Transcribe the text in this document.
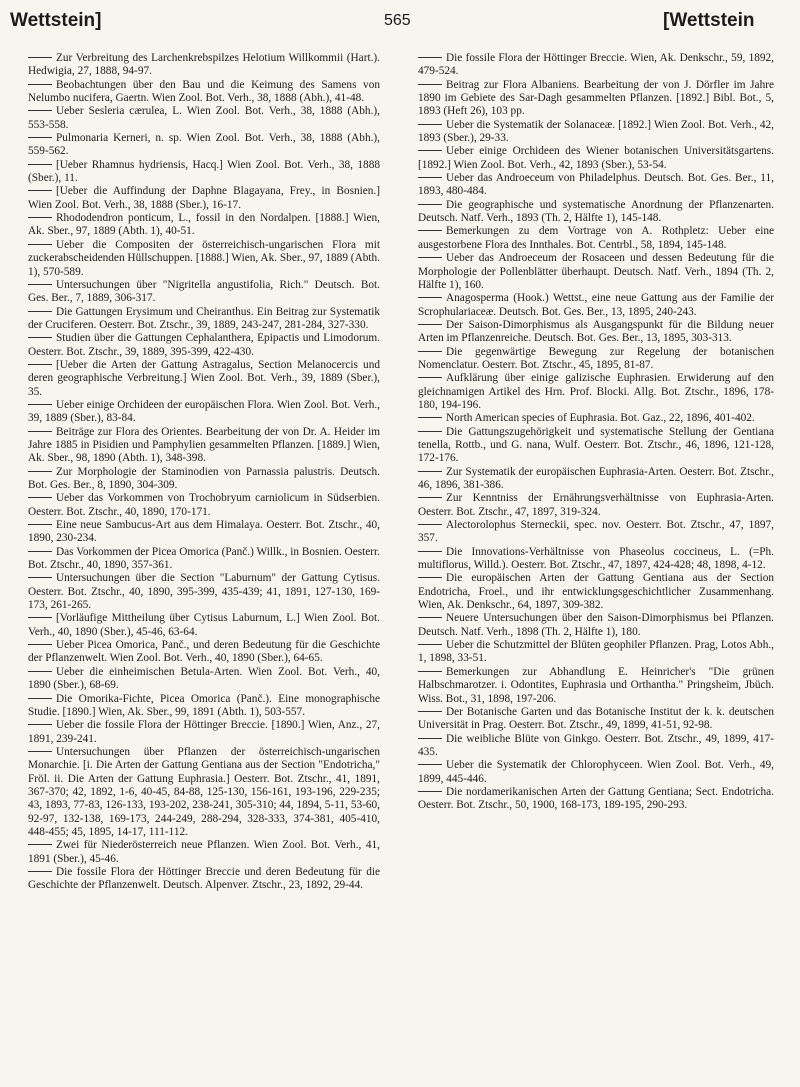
Wettstein]	565	[Wettstein

Zur Verbreitung des Larchenkrebspilzes Helotium Willkommii (Hart.). Hedwigia, 27, 1888, 94-97.

Beobachtungen über den Bau und die Keimung des Samens von Nelumbo nucifera, Gaertn. Wien Zool. Bot. Verh., 38, 1888 (Abh.), 41-48.

Ueber Sesleria cærulea, L. Wien Zool. Bot. Verh., 38, 1888 (Abh.), 553-558.

Pulmonaria Kerneri, n. sp. Wien Zool. Bot. Verh., 38, 1888 (Abh.), 559-562.

[Ueber Rhamnus hydriensis, Hacq.] Wien Zool. Bot. Verh., 38, 1888 (Sber.), 11.

[Ueber die Auffindung der Daphne Blagayana, Frey., in Bosnien.] Wien Zool. Bot. Verh., 38, 1888 (Sber.), 16-17.

Rhododendron ponticum, L., fossil in den Nordalpen. [1888.] Wien, Ak. Sber., 97, 1889 (Abth. 1), 40-51.

Ueber die Compositen der österreichisch-ungarischen Flora mit zuckerabscheidenden Hüllschuppen. [1888.] Wien, Ak. Sber., 97, 1889 (Abth. 1), 570-589.

Untersuchungen über "Nigritella angustifolia, Rich." Deutsch. Bot. Ges. Ber., 7, 1889, 306-317.

Die Gattungen Erysimum und Cheiranthus. Ein Beitrag zur Systematik der Cruciferen. Oesterr. Bot. Ztschr., 39, 1889, 243-247, 281-284, 327-330.

Studien über die Gattungen Cephalanthera, Epipactis und Limodorum. Oesterr. Bot. Ztschr., 39, 1889, 395-399, 422-430.

[Ueber die Arten der Gattung Astragalus, Section Melanocercis und deren geographische Verbreitung.] Wien Zool. Bot. Verh., 39, 1889 (Sber.), 35.

Ueber einige Orchideen der europäischen Flora. Wien Zool. Bot. Verh., 39, 1889 (Sber.), 83-84.

Beiträge zur Flora des Orientes. Bearbeitung der von Dr. A. Heider im Jahre 1885 in Pisidien und Pamphylien gesammelten Pflanzen. [1889.] Wien, Ak. Sber., 98, 1890 (Abth. 1), 348-398.

Zur Morphologie der Staminodien von Parnassia palustris. Deutsch. Bot. Ges. Ber., 8, 1890, 304-309.

Ueber das Vorkommen von Trochobryum carniolicum in Südserbien. Oesterr. Bot. Ztschr., 40, 1890, 170-171.

Eine neue Sambucus-Art aus dem Himalaya. Oesterr. Bot. Ztschr., 40, 1890, 230-234.

Das Vorkommen der Picea Omorica (Panč.) Willk., in Bosnien. Oesterr. Bot. Ztschr., 40, 1890, 357-361.

Untersuchungen über die Section "Laburnum" der Gattung Cytisus. Oesterr. Bot. Ztschr., 40, 1890, 395-399, 435-439; 41, 1891, 127-130, 169-173, 261-265.

[Vorläufige Mittheilung über Cytisus Laburnum, L.] Wien Zool. Bot. Verh., 40, 1890 (Sber.), 45-46, 63-64.

Ueber Picea Omorica, Panč., und deren Bedeutung für die Geschichte der Pflanzenwelt. Wien Zool. Bot. Verh., 40, 1890 (Sber.), 64-65.

Ueber die einheimischen Betula-Arten. Wien Zool. Bot. Verh., 40, 1890 (Sber.), 68-69.

Die Omorika-Fichte, Picea Omorica (Panč.). Eine monographische Studie. [1890.] Wien, Ak. Sber., 99, 1891 (Abth. 1), 503-557.

Ueber die fossile Flora der Höttinger Breccie. [1890.] Wien, Anz., 27, 1891, 239-241.

Untersuchungen über Pflanzen der österreichisch-ungarischen Monarchie. [i. Die Arten der Gattung Gentiana aus der Section "Endotricha," Fröl. ii. Die Arten der Gattung Euphrasia.] Oesterr. Bot. Ztschr., 41, 1891, 367-370; 42, 1892, 1-6, 40-45, 84-88, 125-130, 156-161, 193-196, 229-235; 43, 1893, 77-83, 126-133, 193-202, 238-241, 305-310; 44, 1894, 5-11, 53-60, 92-97, 132-138, 169-173, 244-249, 288-294, 328-333, 374-381, 405-410, 448-455; 45, 1895, 14-17, 111-112.

Zwei für Niederösterreich neue Pflanzen. Wien Zool. Bot. Verh., 41, 1891 (Sber.), 45-46.

Die fossile Flora der Höttinger Breccie und deren Bedeutung für die Geschichte der Pflanzenwelt. Deutsch. Alpenver. Ztschr., 23, 1892, 29-44.

Die fossile Flora der Höttinger Breccie. Wien, Ak. Denkschr., 59, 1892, 479-524.

Beitrag zur Flora Albaniens. Bearbeitung der von J. Dörfler im Jahre 1890 im Gebiete des Sar-Dagh gesammelten Pflanzen. [1892.] Bibl. Bot., 5, 1893 (Heft 26), 103 pp.

Ueber die Systematik der Solanaceæ. [1892.] Wien Zool. Bot. Verh., 42, 1893 (Sber.), 29-33.

Ueber einige Orchideen des Wiener botanischen Universitätsgartens. [1892.] Wien Zool. Bot. Verh., 42, 1893 (Sber.), 53-54.

Ueber das Androeceum von Philadelphus. Deutsch. Bot. Ges. Ber., 11, 1893, 480-484.

Die geographische und systematische Anordnung der Pflanzenarten. Deutsch. Natf. Verh., 1893 (Th. 2, Hälfte 1), 145-148.

Bemerkungen zu dem Vortrage von A. Rothpletz: Ueber eine ausgestorbene Flora des Innthales. Bot. Centrbl., 58, 1894, 145-148.

Ueber das Androeceum der Rosaceen und dessen Bedeutung für die Morphologie der Pollenblätter überhaupt. Deutsch. Natf. Verh., 1894 (Th. 2, Hälfte 1), 160.

Anagosperma (Hook.) Wettst., eine neue Gattung aus der Familie der Scrophulariaceæ. Deutsch. Bot. Ges. Ber., 13, 1895, 240-243.

Der Saison-Dimorphismus als Ausgangspunkt für die Bildung neuer Arten im Pflanzenreiche. Deutsch. Bot. Ges. Ber., 13, 1895, 303-313.

Die gegenwärtige Bewegung zur Regelung der botanischen Nomenclatur. Oesterr. Bot. Ztschr., 45, 1895, 81-87.

Aufklärung über einige galizische Euphrasien. Erwiderung auf den gleichnamigen Artikel des Hrn. Prof. Blocki. Allg. Bot. Ztschr., 1896, 178-180, 194-196.

North American species of Euphrasia. Bot. Gaz., 22, 1896, 401-402.

Die Gattungszugehörigkeit und systematische Stellung der Gentiana tenella, Rottb., und G. nana, Wulf. Oesterr. Bot. Ztschr., 46, 1896, 121-128, 172-176.

Zur Systematik der europäischen Euphrasia-Arten. Oesterr. Bot. Ztschr., 46, 1896, 381-386.

Zur Kenntniss der Ernährungsverhältnisse von Euphrasia-Arten. Oesterr. Bot. Ztschr., 47, 1897, 319-324.

Alectorolophus Sterneckii, spec. nov. Oesterr. Bot. Ztschr., 47, 1897, 357.

Die Innovations-Verhältnisse von Phaseolus coccineus, L. (=Ph. multiflorus, Willd.). Oesterr. Bot. Ztschr., 47, 1897, 424-428; 48, 1898, 4-12.

Die europäischen Arten der Gattung Gentiana aus der Section Endotricha, Froel., und ihr entwicklungsgeschichtlicher Zusammenhang. Wien, Ak. Denkschr., 64, 1897, 309-382.

Neuere Untersuchungen über den Saison-Dimorphismus bei Pflanzen. Deutsch. Natf. Verh., 1898 (Th. 2, Hälfte 1), 180.

Ueber die Schutzmittel der Blüten geophiler Pflanzen. Prag, Lotos Abh., 1, 1898, 33-51.

Bemerkungen zur Abhandlung E. Heinricher's "Die grünen Halbschmarotzer. i. Odontites, Euphrasia und Orthantha." Pringsheim, Jbüch. Wiss. Bot., 31, 1898, 197-206.

Der Botanische Garten und das Botanische Institut der k. k. deutschen Universität in Prag. Oesterr. Bot. Ztschr., 49, 1899, 41-51, 92-98.

Die weibliche Blüte von Ginkgo. Oesterr. Bot. Ztschr., 49, 1899, 417-435.

Ueber die Systematik der Chlorophyceen. Wien Zool. Bot. Verh., 49, 1899, 445-446.

Die nordamerikanischen Arten der Gattung Gentiana; Sect. Endotricha. Oesterr. Bot. Ztschr., 50, 1900, 168-173, 189-195, 290-293.
